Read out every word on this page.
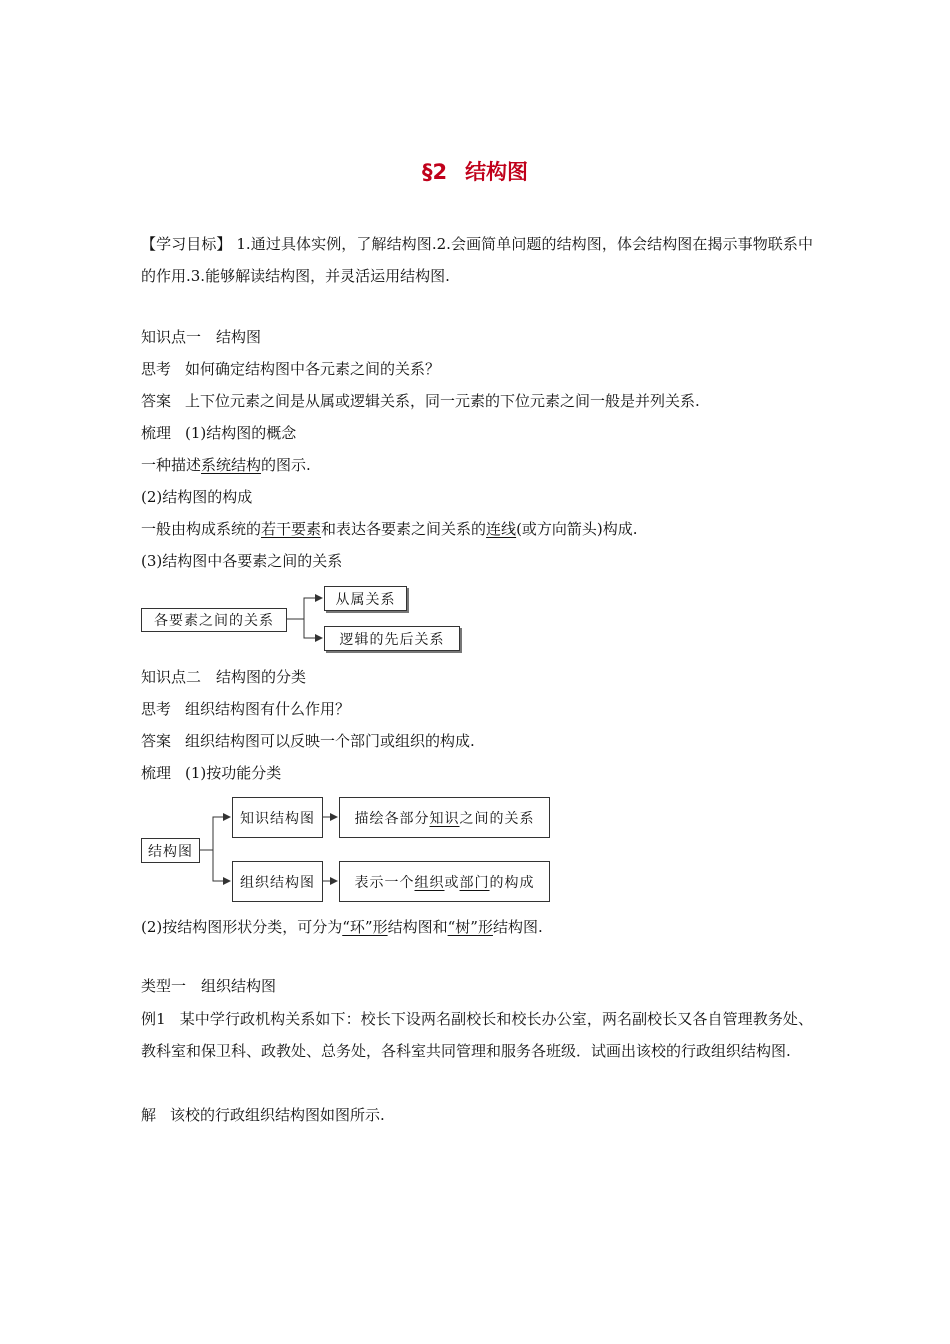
§2 结构图
【学习目标】 1.通过具体实例，了解结构图.2.会画简单问题的结构图，体会结构图在揭示事物联系中的作用.3.能够解读结构图，并灵活运用结构图.
知识点一　结构图
思考 如何确定结构图中各元素之间的关系？
答案 上下位元素之间是从属或逻辑关系，同一元素的下位元素之间一般是并列关系.
梳理 (1)结构图的概念
一种描述系统结构的图示.
(2)结构图的构成
一般由构成系统的若干要素和表达各要素之间关系的连线(或方向箭头)构成.
(3)结构图中各要素之间的关系
各要素之间的关系
从属关系
逻辑的先后关系
知识点二　结构图的分类
思考 组织结构图有什么作用？
答案 组织结构图可以反映一个部门或组织的构成.
梳理 (1)按功能分类
结构图
知识结构图
组织结构图
描绘各部分 知识 之间的关系
表示一个 组织 或 部门 的构成
(2)按结构图形状分类，可分为“环”形结构图和“树”形结构图.
类型一　组织结构图
例1 某中学行政机构关系如下：校长下设两名副校长和校长办公室，两名副校长又各自管理教务处、教科室和保卫科、政教处、总务处，各科室共同管理和服务各班级．试画出该校的行政组织结构图.
解 该校的行政组织结构图如图所示.
